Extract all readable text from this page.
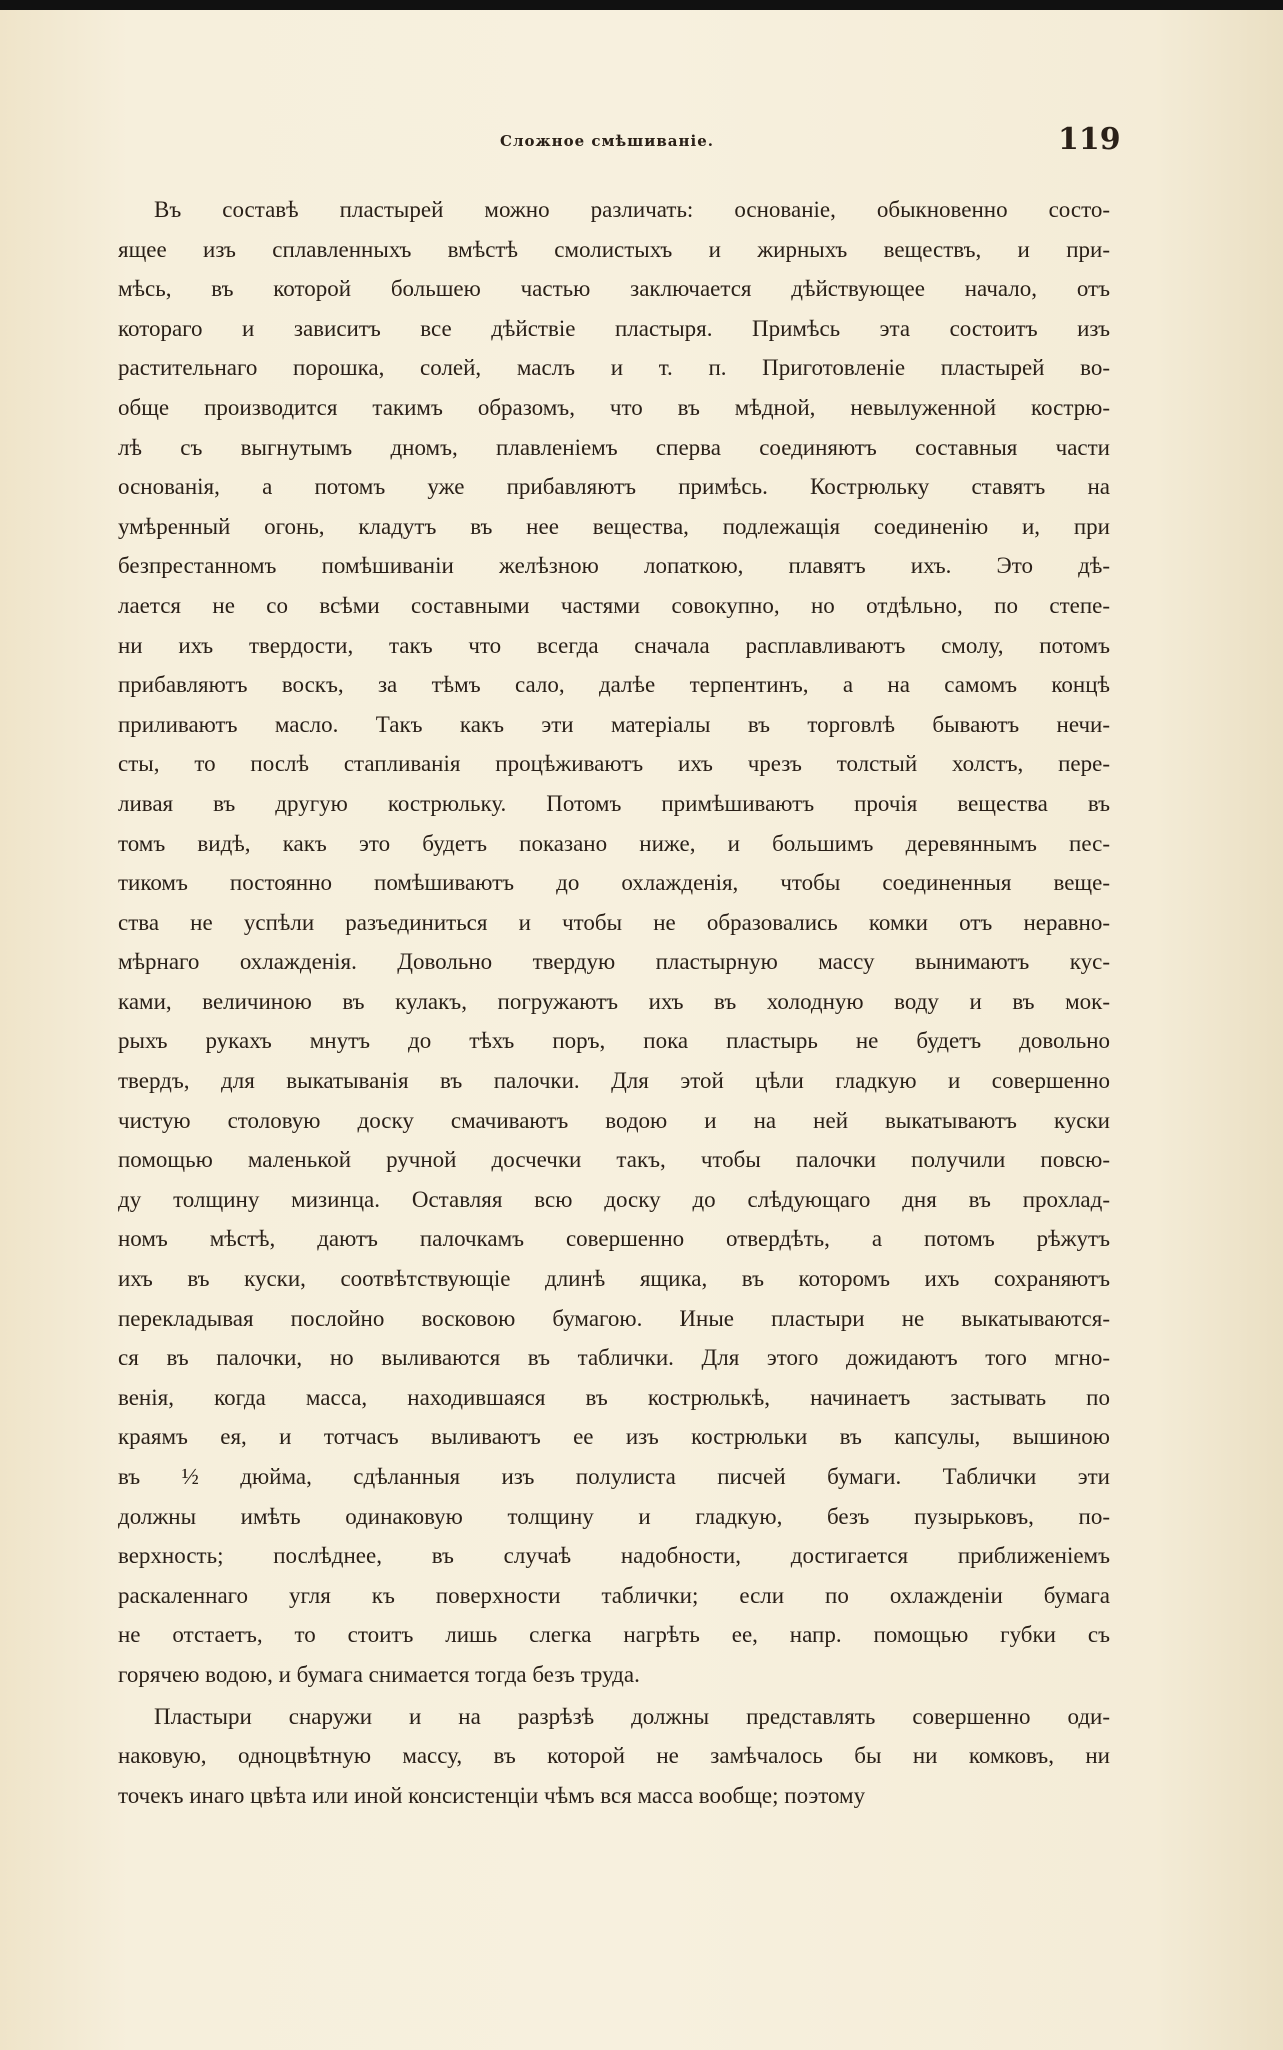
Сложное смѣшиваніе.	119
Въ составѣ пластырей можно различать: основаніе, обыкновенно состо-
ящее изъ сплавленныхъ вмѣстѣ смолистыхъ и жирныхъ веществъ, и при-
мѣсь, въ которой большею частью заключается дѣйствующее начало, отъ
котораго и зависитъ все дѣйствіе пластыря. Примѣсь эта состоитъ изъ
растительнаго порошка, солей, маслъ и т. п. Приготовленіе пластырей во-
обще производится такимъ образомъ, что въ мѣдной, невылуженной кострю-
лѣ съ выгнутымъ дномъ, плавленіемъ сперва соединяютъ составныя части
основанія, а потомъ уже прибавляютъ примѣсь. Кострюльку ставятъ на
умѣренный огонь, кладутъ въ нее вещества, подлежащія соединенію и, при
безпрестанномъ помѣшиваніи желѣзною лопаткою, плавятъ ихъ. Это дѣ-
лается не со всѣми составными частями совокупно, но отдѣльно, по степе-
ни ихъ твердости, такъ что всегда сначала расплавливаютъ смолу, потомъ
прибавляютъ воскъ, за тѣмъ сало, далѣе терпентинъ, а на самомъ концѣ
приливаютъ масло. Такъ какъ эти матеріалы въ торговлѣ бываютъ нечи-
сты, то послѣ стапливанія процѣживаютъ ихъ чрезъ толстый холстъ, пере-
ливая въ другую кострюльку. Потомъ примѣшиваютъ прочія вещества въ
томъ видѣ, какъ это будетъ показано ниже, и большимъ деревяннымъ пес-
тикомъ постоянно помѣшиваютъ до охлажденія, чтобы соединенныя веще-
ства не успѣли разъединиться и чтобы не образовались комки отъ неравно-
мѣрнаго охлажденія. Довольно твердую пластырную массу вынимаютъ кус-
ками, величиною въ кулакъ, погружаютъ ихъ въ холодную воду и въ мок-
рыхъ рукахъ мнутъ до тѣхъ поръ, пока пластырь не будетъ довольно
твердъ, для выкатыванія въ палочки. Для этой цѣли гладкую и совершенно
чистую столовую доску смачиваютъ водою и на ней выкатываютъ куски
помощью маленькой ручной досчечки такъ, чтобы палочки получили повсю-
ду толщину мизинца. Оставляя всю доску до слѣдующаго дня въ прохлад-
номъ мѣстѣ, даютъ палочкамъ совершенно отвердѣть, а потомъ рѣжутъ
ихъ въ куски, соотвѣтствующіе длинѣ ящика, въ которомъ ихъ сохраняютъ
перекладывая послойно восковою бумагою. Иные пластыри не выкатываются-
ся въ палочки, но выливаются въ таблички. Для этого дожидаютъ того мгно-
венія, когда масса, находившаяся въ кострюлькѣ, начинаетъ застывать по
краямъ ея, и тотчасъ выливаютъ ее изъ кострюльки въ капсулы, вышиною
въ ½ дюйма, сдѣланныя изъ полулиста писчей бумаги. Таблички эти
должны имѣть одинаковую толщину и гладкую, безъ пузырьковъ, по-
верхность; послѣднее, въ случаѣ надобности, достигается приближеніемъ
раскаленнаго угля къ поверхности таблички; если по охлажденіи бумага
не отстаетъ, то стоитъ лишь слегка нагрѣть ее, напр. помощью губки съ
горячею водою, и бумага снимается тогда безъ труда.
Пластыри снаружи и на разрѣзѣ должны представлять совершенно оди-
наковую, одноцвѣтную массу, въ которой не замѣчалось бы ни комковъ, ни
точекъ инаго цвѣта или иной консистенціи чѣмъ вся масса вообще; поэтому
